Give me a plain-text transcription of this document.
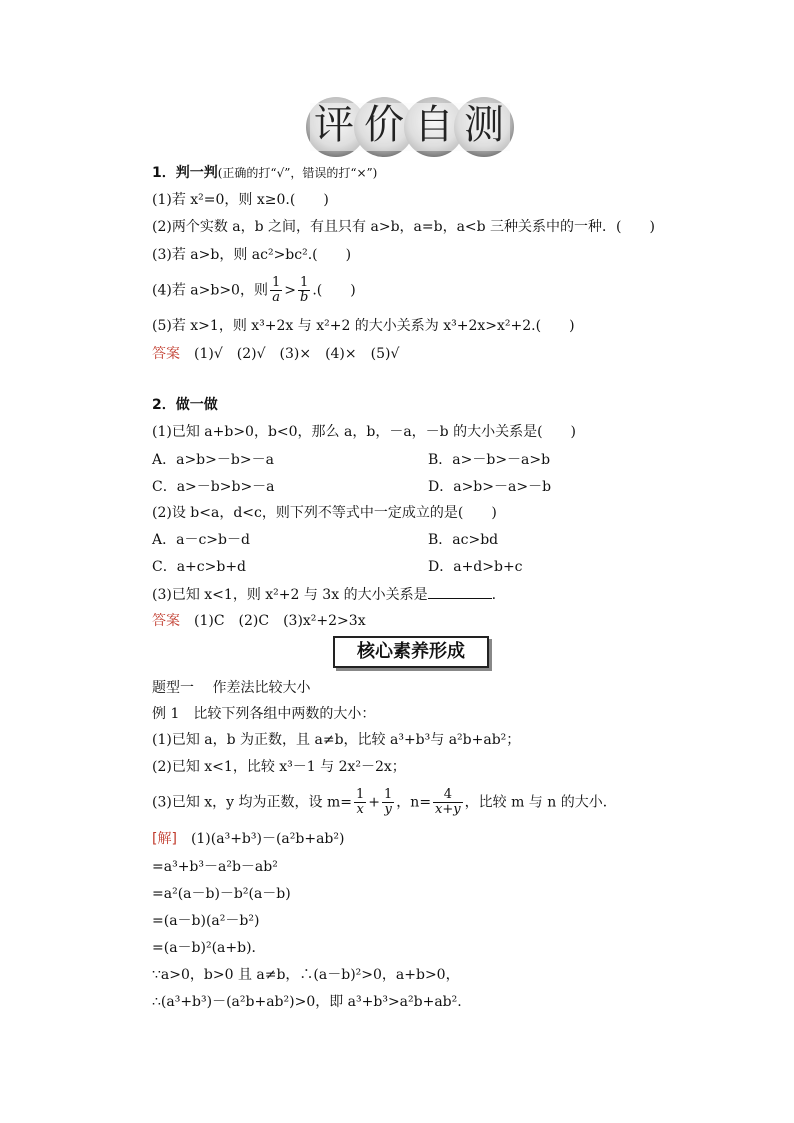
评 价 自 测
1．判一判(正确的打“√”，错误的打“×”)
(1)若 x²=0，则 x≥0.(　　)
(2)两个实数 a，b 之间，有且只有 a>b，a=b，a<b 三种关系中的一种．(　　)
(3)若 a>b，则 ac²>bc².(　　)
(4)若 a>b>0，则 $\frac{1}{a} > \frac{1}{b}$ .(　　)
(5)若 x>1，则 x³+2x 与 x²+2 的大小关系为 x³+2x>x²+2.(　　)
答案　 (1)√　(2)√　(3)×　(4)×　(5)√
2．做一做
(1)已知 a+b>0，b<0，那么 a，b，－a，－b 的大小关系是(　　)
A．a>b>－b>－a	B．a>－b>－a>b
C．a>－b>b>－a	D．a>b>－a>－b
(2)设 b<a，d<c，则下列不等式中一定成立的是(　　)
A．a－c>b－d	B．ac>bd
C．a+c>b+d	D．a+d>b+c
(3)已知 x<1，则 x²+2 与 3x 的大小关系是	.
答案　 (1)C　(2)C　(3)x²+2>3x
核心素养形成
题型一　 作差法比较大小
例 1　比较下列各组中两数的大小：
(1)已知 a，b 为正数，且 a≠b，比较 a³+b³与 a²b+ab²；
(2)已知 x<1，比较 x³－1 与 2x²－2x；
(3)已知 x，y 均为正数，设 $m= \frac{1}{x} + \frac{1}{y}$ ，$n= \frac{4}{x+y}$ ，比较 m 与 n 的大小．
[解]　 (1)(a³+b³)－(a²b+ab²)
=a³+b³－a²b－ab²
=a²(a－b)－b²(a－b)
=(a－b)(a²－b²)
=(a－b)²(a+b)．
∵a>0，b>0 且 a≠b，∴(a－b)²>0，a+b>0，
∴(a³+b³)－(a²b+ab²)>0，即 a³+b³>a²b+ab².
